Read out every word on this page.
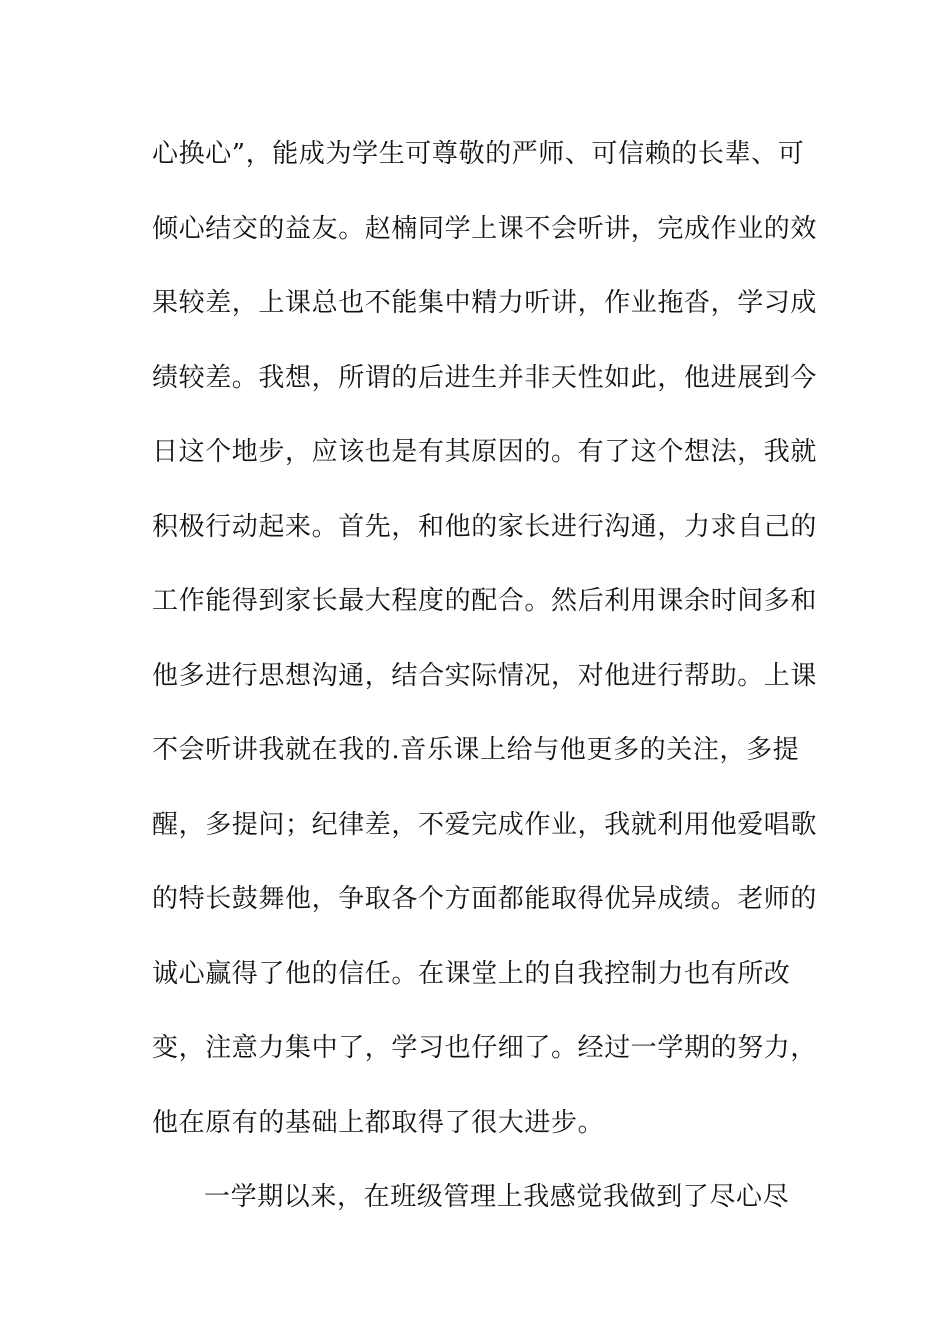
心换心”，能成为学生可尊敬的严师、可信赖的长辈、可
倾心结交的益友。赵楠同学上课不会听讲，完成作业的效
果较差，上课总也不能集中精力听讲，作业拖沓，学习成
绩较差。我想，所谓的后进生并非天性如此，他进展到今
日这个地步，应该也是有其原因的。有了这个想法，我就
积极行动起来。首先，和他的家长进行沟通，力求自己的
工作能得到家长最大程度的配合。然后利用课余时间多和
他多进行思想沟通，结合实际情况，对他进行帮助。上课
不会听讲我就在我的.音乐课上给与他更多的关注，多提
醒，多提问；纪律差，不爱完成作业，我就利用他爱唱歌
的特长鼓舞他，争取各个方面都能取得优异成绩。老师的
诚心赢得了他的信任。在课堂上的自我控制力也有所改
变，注意力集中了，学习也仔细了。经过一学期的努力，
他在原有的基础上都取得了很大进步。
一学期以来，在班级管理上我感觉我做到了尽心尽
